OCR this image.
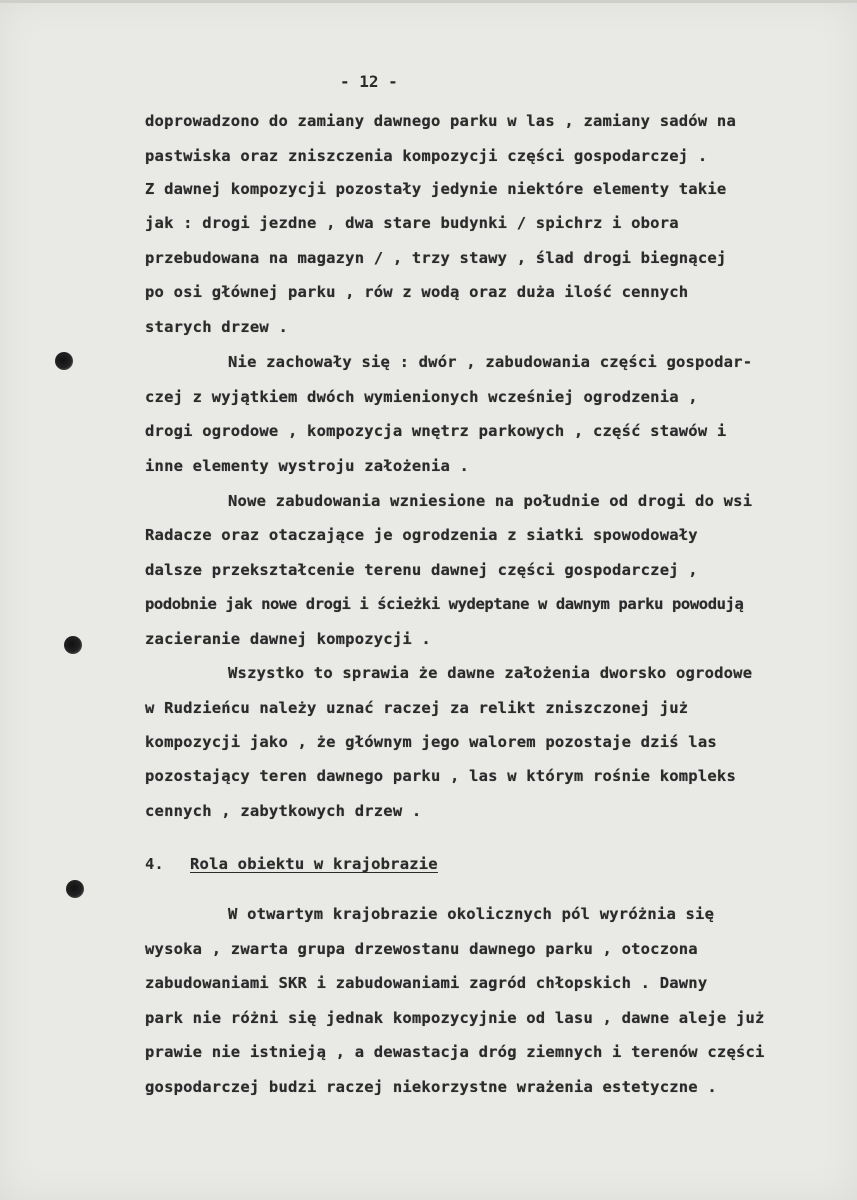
- 12 -
doprowadzono do zamiany dawnego parku w las , zamiany sadów na
pastwiska oraz zniszczenia kompozycji części gospodarczej .
Z dawnej kompozycji pozostały jedynie niektóre elementy takie
jak : drogi jezdne , dwa stare budynki / spichrz i obora
przebudowana na magazyn / , trzy stawy , ślad drogi biegnącej
po osi głównej parku , rów z wodą oraz duża ilość cennych
starych drzew .
Nie zachowały się : dwór , zabudowania części gospodar-
czej z wyjątkiem dwóch wymienionych wcześniej ogrodzenia ,
drogi ogrodowe , kompozycja wnętrz parkowych , część stawów i
inne elementy wystroju założenia .
Nowe zabudowania wzniesione na południe od drogi do wsi
Radacze oraz otaczające je ogrodzenia z siatki spowodowały
dalsze przekształcenie terenu dawnej części gospodarczej ,
podobnie jak nowe drogi i ścieżki wydeptane w dawnym parku powodują
zacieranie dawnej kompozycji .
Wszystko to sprawia że dawne założenia dworsko ogrodowe
w Rudzieńcu należy uznać raczej za relikt zniszczonej już
kompozycji jako , że głównym jego walorem pozostaje dziś las
pozostający teren dawnego parku , las w którym rośnie kompleks
cennych , zabytkowych drzew .
4. Rola obiektu w krajobrazie
W otwartym krajobrazie okolicznych pól wyróżnia się
wysoka , zwarta grupa drzewostanu dawnego parku , otoczona
zabudowaniami SKR i zabudowaniami zagród chłopskich . Dawny
park nie różni się jednak kompozycyjnie od lasu , dawne aleje już
prawie nie istnieją , a dewastacja dróg ziemnych i terenów części
gospodarczej budzi raczej niekorzystne wrażenia estetyczne .
